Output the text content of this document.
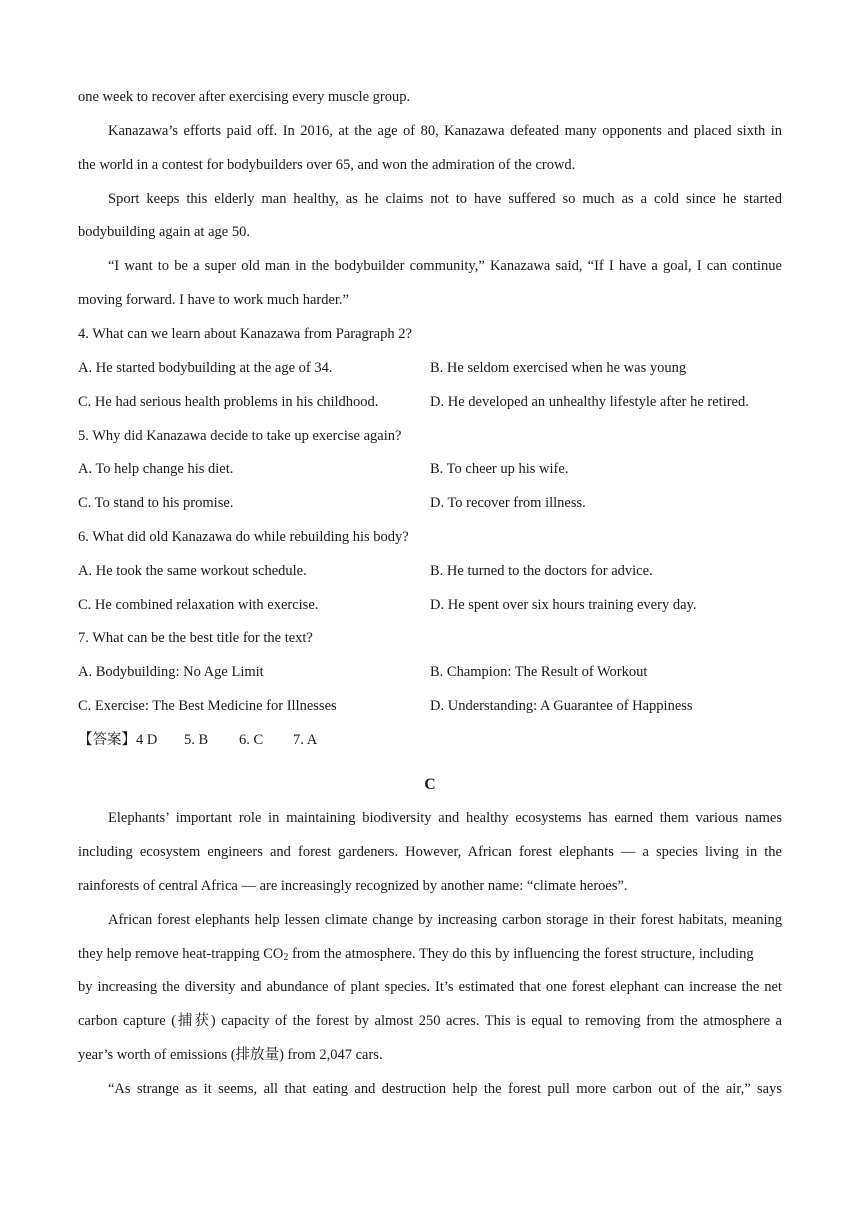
one week to recover after exercising every muscle group.
Kanazawa’s efforts paid off. In 2016, at the age of 80, Kanazawa defeated many opponents and placed sixth in
the world in a contest for bodybuilders over 65, and won the admiration of the crowd.
Sport keeps this elderly man healthy, as he claims not to have suffered so much as a cold since he started
bodybuilding again at age 50.
“I want to be a super old man in the bodybuilder community,” Kanazawa said, “If I have a goal, I can continue
moving forward. I have to work much harder.”
4. What can we learn about Kanazawa from Paragraph 2?
A. He started bodybuilding at the age of 34.	B. He seldom exercised when he was young
C. He had serious health problems in his childhood.	D. He developed an unhealthy lifestyle after he retired.
5. Why did Kanazawa decide to take up exercise again?
A. To help change his diet.	B. To cheer up his wife.
C. To stand to his promise.	D. To recover from illness.
6. What did old Kanazawa do while rebuilding his body?
A. He took the same workout schedule.	B. He turned to the doctors for advice.
C. He combined relaxation with exercise.	D. He spent over six hours training every day.
7. What can be the best title for the text?
A. Bodybuilding: No Age Limit	B. Champion: The Result of Workout
C. Exercise: The Best Medicine for Illnesses	D. Understanding: A Guarantee of Happiness
【答案】4 D 5. B 6. C 7. A
C
Elephants’ important role in maintaining biodiversity and healthy ecosystems has earned them various names
including ecosystem engineers and forest gardeners. However, African forest elephants — a species living in the
rainforests of central Africa — are increasingly recognized by another name: “climate heroes”.
African forest elephants help lessen climate change by increasing carbon storage in their forest habitats, meaning
they help remove heat-trapping $CO_2$ from the atmosphere. They do this by influencing the forest structure, including
by increasing the diversity and abundance of plant species. It’s estimated that one forest elephant can increase the net
carbon capture (捕获) capacity of the forest by almost 250 acres. This is equal to removing from the atmosphere a
year’s worth of emissions (排放量) from 2,047 cars.
“As strange as it seems, all that eating and destruction help the forest pull more carbon out of the air,” says
